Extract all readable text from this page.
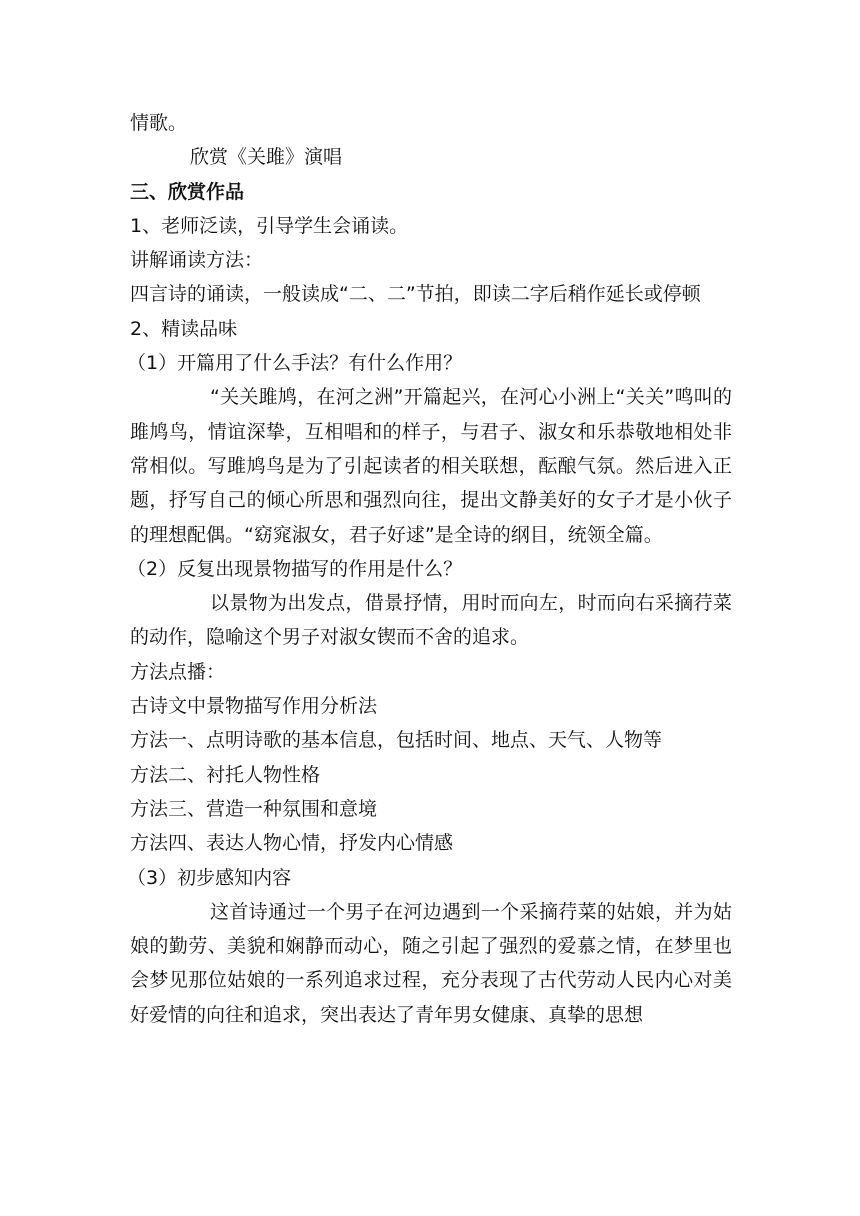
情歌。

欣赏《关雎》演唱

三、欣赏作品

1、老师泛读，引导学生会诵读。

讲解诵读方法：

四言诗的诵读，一般读成“二、二”节拍，即读二字后稍作延长或停顿

2、精读品味

（1）开篇用了什么手法？有什么作用？

“关关雎鸠，在河之洲”开篇起兴，在河心小洲上“关关”鸣叫的雎鸠鸟，情谊深挚，互相唱和的样子，与君子、淑女和乐恭敬地相处非常相似。写雎鸠鸟是为了引起读者的相关联想，酝酿气氛。然后进入正题，抒写自己的倾心所思和强烈向往，提出文静美好的女子才是小伙子的理想配偶。“窈窕淑女，君子好逑”是全诗的纲目，统领全篇。

（2）反复出现景物描写的作用是什么？

以景物为出发点，借景抒情，用时而向左，时而向右采摘荇菜的动作，隐喻这个男子对淑女锲而不舍的追求。

方法点播：

古诗文中景物描写作用分析法

方法一、点明诗歌的基本信息，包括时间、地点、天气、人物等

方法二、衬托人物性格

方法三、营造一种氛围和意境

方法四、表达人物心情，抒发内心情感

（3）初步感知内容

这首诗通过一个男子在河边遇到一个采摘荇菜的姑娘，并为姑娘的勤劳、美貌和娴静而动心，随之引起了强烈的爱慕之情，在梦里也会梦见那位姑娘的一系列追求过程，充分表现了古代劳动人民内心对美好爱情的向往和追求，突出表达了青年男女健康、真挚的思想
